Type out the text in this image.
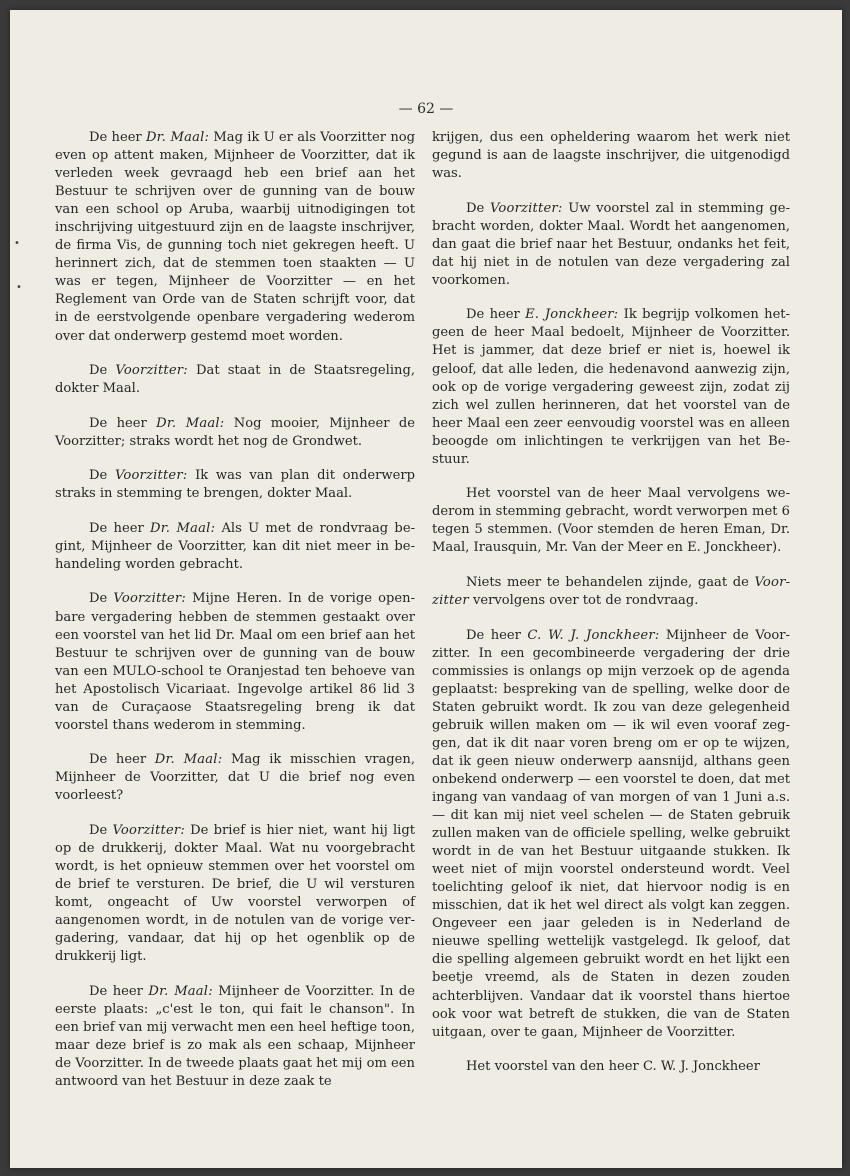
— 62 —
•
•

De heer Dr. Maal: Mag ik U er als Voorzitter nog even op attent maken, Mijnheer de Voorzitter, dat ik verleden week gevraagd heb een brief aan het Bestuur te schrijven over de gunning van de bouw van een school op Aruba, waarbij uitnodigingen tot inschrijving uitgestuurd zijn en de laagste inschrijver, de firma Vis, de gunning toch niet gekregen heeft. U herinnert zich, dat de stemmen toen staakten — U was er tegen, Mijnheer de Voorzitter — en het Reglement van Orde van de Staten schrijft voor, dat in de eerstvolgende openbare vergadering wederom over dat onderwerp gestemd moet worden.

De Voorzitter: Dat staat in de Staatsregeling, dokter Maal.

De heer Dr. Maal: Nog mooier, Mijnheer de Voorzitter; straks wordt het nog de Grondwet.

De Voorzitter: Ik was van plan dit onderwerp straks in stemming te brengen, dokter Maal.

De heer Dr. Maal: Als U met de rondvraag begint, Mijnheer de Voorzitter, kan dit niet meer in behandeling worden gebracht.

De Voorzitter: Mijne Heren. In de vorige openbare vergadering hebben de stemmen gestaakt over een voorstel van het lid Dr. Maal om een brief aan het Bestuur te schrijven over de gunning van de bouw van een MULO-school te Oranjestad ten behoeve van het Apostolisch Vicariaat. Ingevolge artikel 86 lid 3 van de Curaçaose Staatsregeling breng ik dat voorstel thans wederom in stemming.

De heer Dr. Maal: Mag ik misschien vragen, Mijnheer de Voorzitter, dat U die brief nog even voorleest?

De Voorzitter: De brief is hier niet, want hij ligt op de drukkerij, dokter Maal. Wat nu voorgebracht wordt, is het opnieuw stemmen over het voorstel om de brief te versturen. De brief, die U wil versturen komt, ongeacht of Uw voorstel verworpen of aangenomen wordt, in de notulen van de vorige vergadering, vandaar, dat hij op het ogenblik op de drukkerij ligt.

De heer Dr. Maal: Mijnheer de Voorzitter. In de eerste plaats: „c'est le ton, qui fait le chanson". In een brief van mij verwacht men een heel heftige toon, maar deze brief is zo mak als een schaap, Mijnheer de Voorzitter. In de tweede plaats gaat het mij om een antwoord van het Bestuur in deze zaak te

krijgen, dus een opheldering waarom het werk niet gegund is aan de laagste inschrijver, die uitgenodigd was.

De Voorzitter: Uw voorstel zal in stemming gebracht worden, dokter Maal. Wordt het aangenomen, dan gaat die brief naar het Bestuur, ondanks het feit, dat hij niet in de notulen van deze vergadering zal voorkomen.

De heer E. Jonckheer: Ik begrijp volkomen hetgeen de heer Maal bedoelt, Mijnheer de Voorzitter. Het is jammer, dat deze brief er niet is, hoewel ik geloof, dat alle leden, die hedenavond aanwezig zijn, ook op de vorige vergadering geweest zijn, zodat zij zich wel zullen herinneren, dat het voorstel van de heer Maal een zeer eenvoudig voorstel was en alleen beoogde om inlichtingen te verkrijgen van het Bestuur.

Het voorstel van de heer Maal vervolgens wederom in stemming gebracht, wordt verworpen met 6 tegen 5 stemmen. (Voor stemden de heren Eman, Dr. Maal, Irausquin, Mr. Van der Meer en E. Jonckheer).

Niets meer te behandelen zijnde, gaat de Voorzitter vervolgens over tot de rondvraag.

De heer C. W. J. Jonckheer: Mijnheer de Voorzitter. In een gecombineerde vergadering der drie commissies is onlangs op mijn verzoek op de agenda geplaatst: bespreking van de spelling, welke door de Staten gebruikt wordt. Ik zou van deze gelegenheid gebruik willen maken om — ik wil even vooraf zeggen, dat ik dit naar voren breng om er op te wijzen, dat ik geen nieuw onderwerp aansnijd, althans geen onbekend onderwerp — een voorstel te doen, dat met ingang van vandaag of van morgen of van 1 Juni a.s. — dit kan mij niet veel schelen — de Staten gebruik zullen maken van de officiele spelling, welke gebruikt wordt in de van het Bestuur uitgaande stukken. Ik weet niet of mijn voorstel ondersteund wordt. Veel toelichting geloof ik niet, dat hiervoor nodig is en misschien, dat ik het wel direct als volgt kan zeggen. Ongeveer een jaar geleden is in Nederland de nieuwe spelling wettelijk vastgelegd. Ik geloof, dat die spelling algemeen gebruikt wordt en het lijkt een beetje vreemd, als de Staten in dezen zouden achterblijven. Vandaar dat ik voorstel thans hiertoe ook voor wat betreft de stukken, die van de Staten uitgaan, over te gaan, Mijnheer de Voorzitter.

Het voorstel van den heer C. W. J. Jonckheer
